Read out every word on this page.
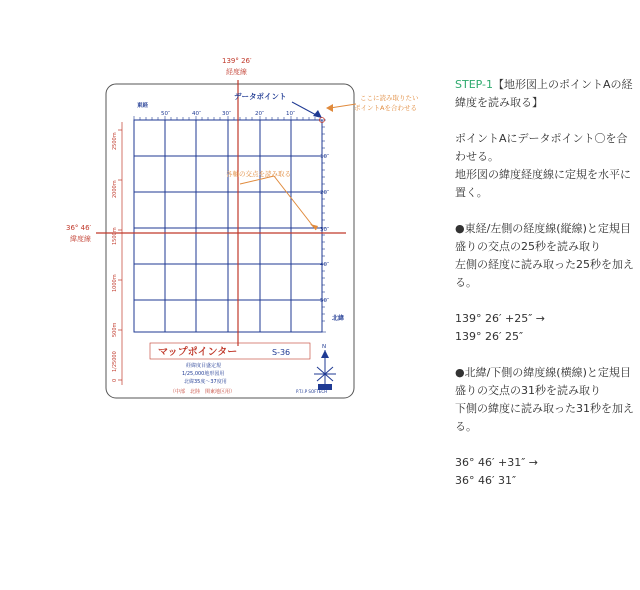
139° 26′
経度線
36° 46′
緯度線
データポイント	ここに読み取りたい
ポイントAを合わせる
各軸の交点を読み取る
東経
50″	40″	30″	20″	10″
10″
20″
30″
40″
50″
2500m
2000m
1500m
1000m
500m
0
1/25000
北緯
マップポインター	S-36
経緯度目盛定規
1/25,000地形図用
北緯35度～37度用
（中部　北陸　関東地区用）	P.T.I.P SOFTECH
N
STEP-1【地形図上のポイントAの経緯度を読み取る】
ポイントAにデータポイント〇を合わせる。
地形図の緯度経度線に定規を水平に置く。
●東経/左側の経度線(縦線)と定規目盛りの交点の25秒を読み取り
左側の経度に読み取った25秒を加える。
139° 26′ +25″ →
139° 26′ 25″
●北緯/下側の緯度線(横線)と定規目盛りの交点の31秒を読み取り
下側の緯度に読み取った31秒を加える。
36° 46′ +31″ →
36° 46′ 31″
